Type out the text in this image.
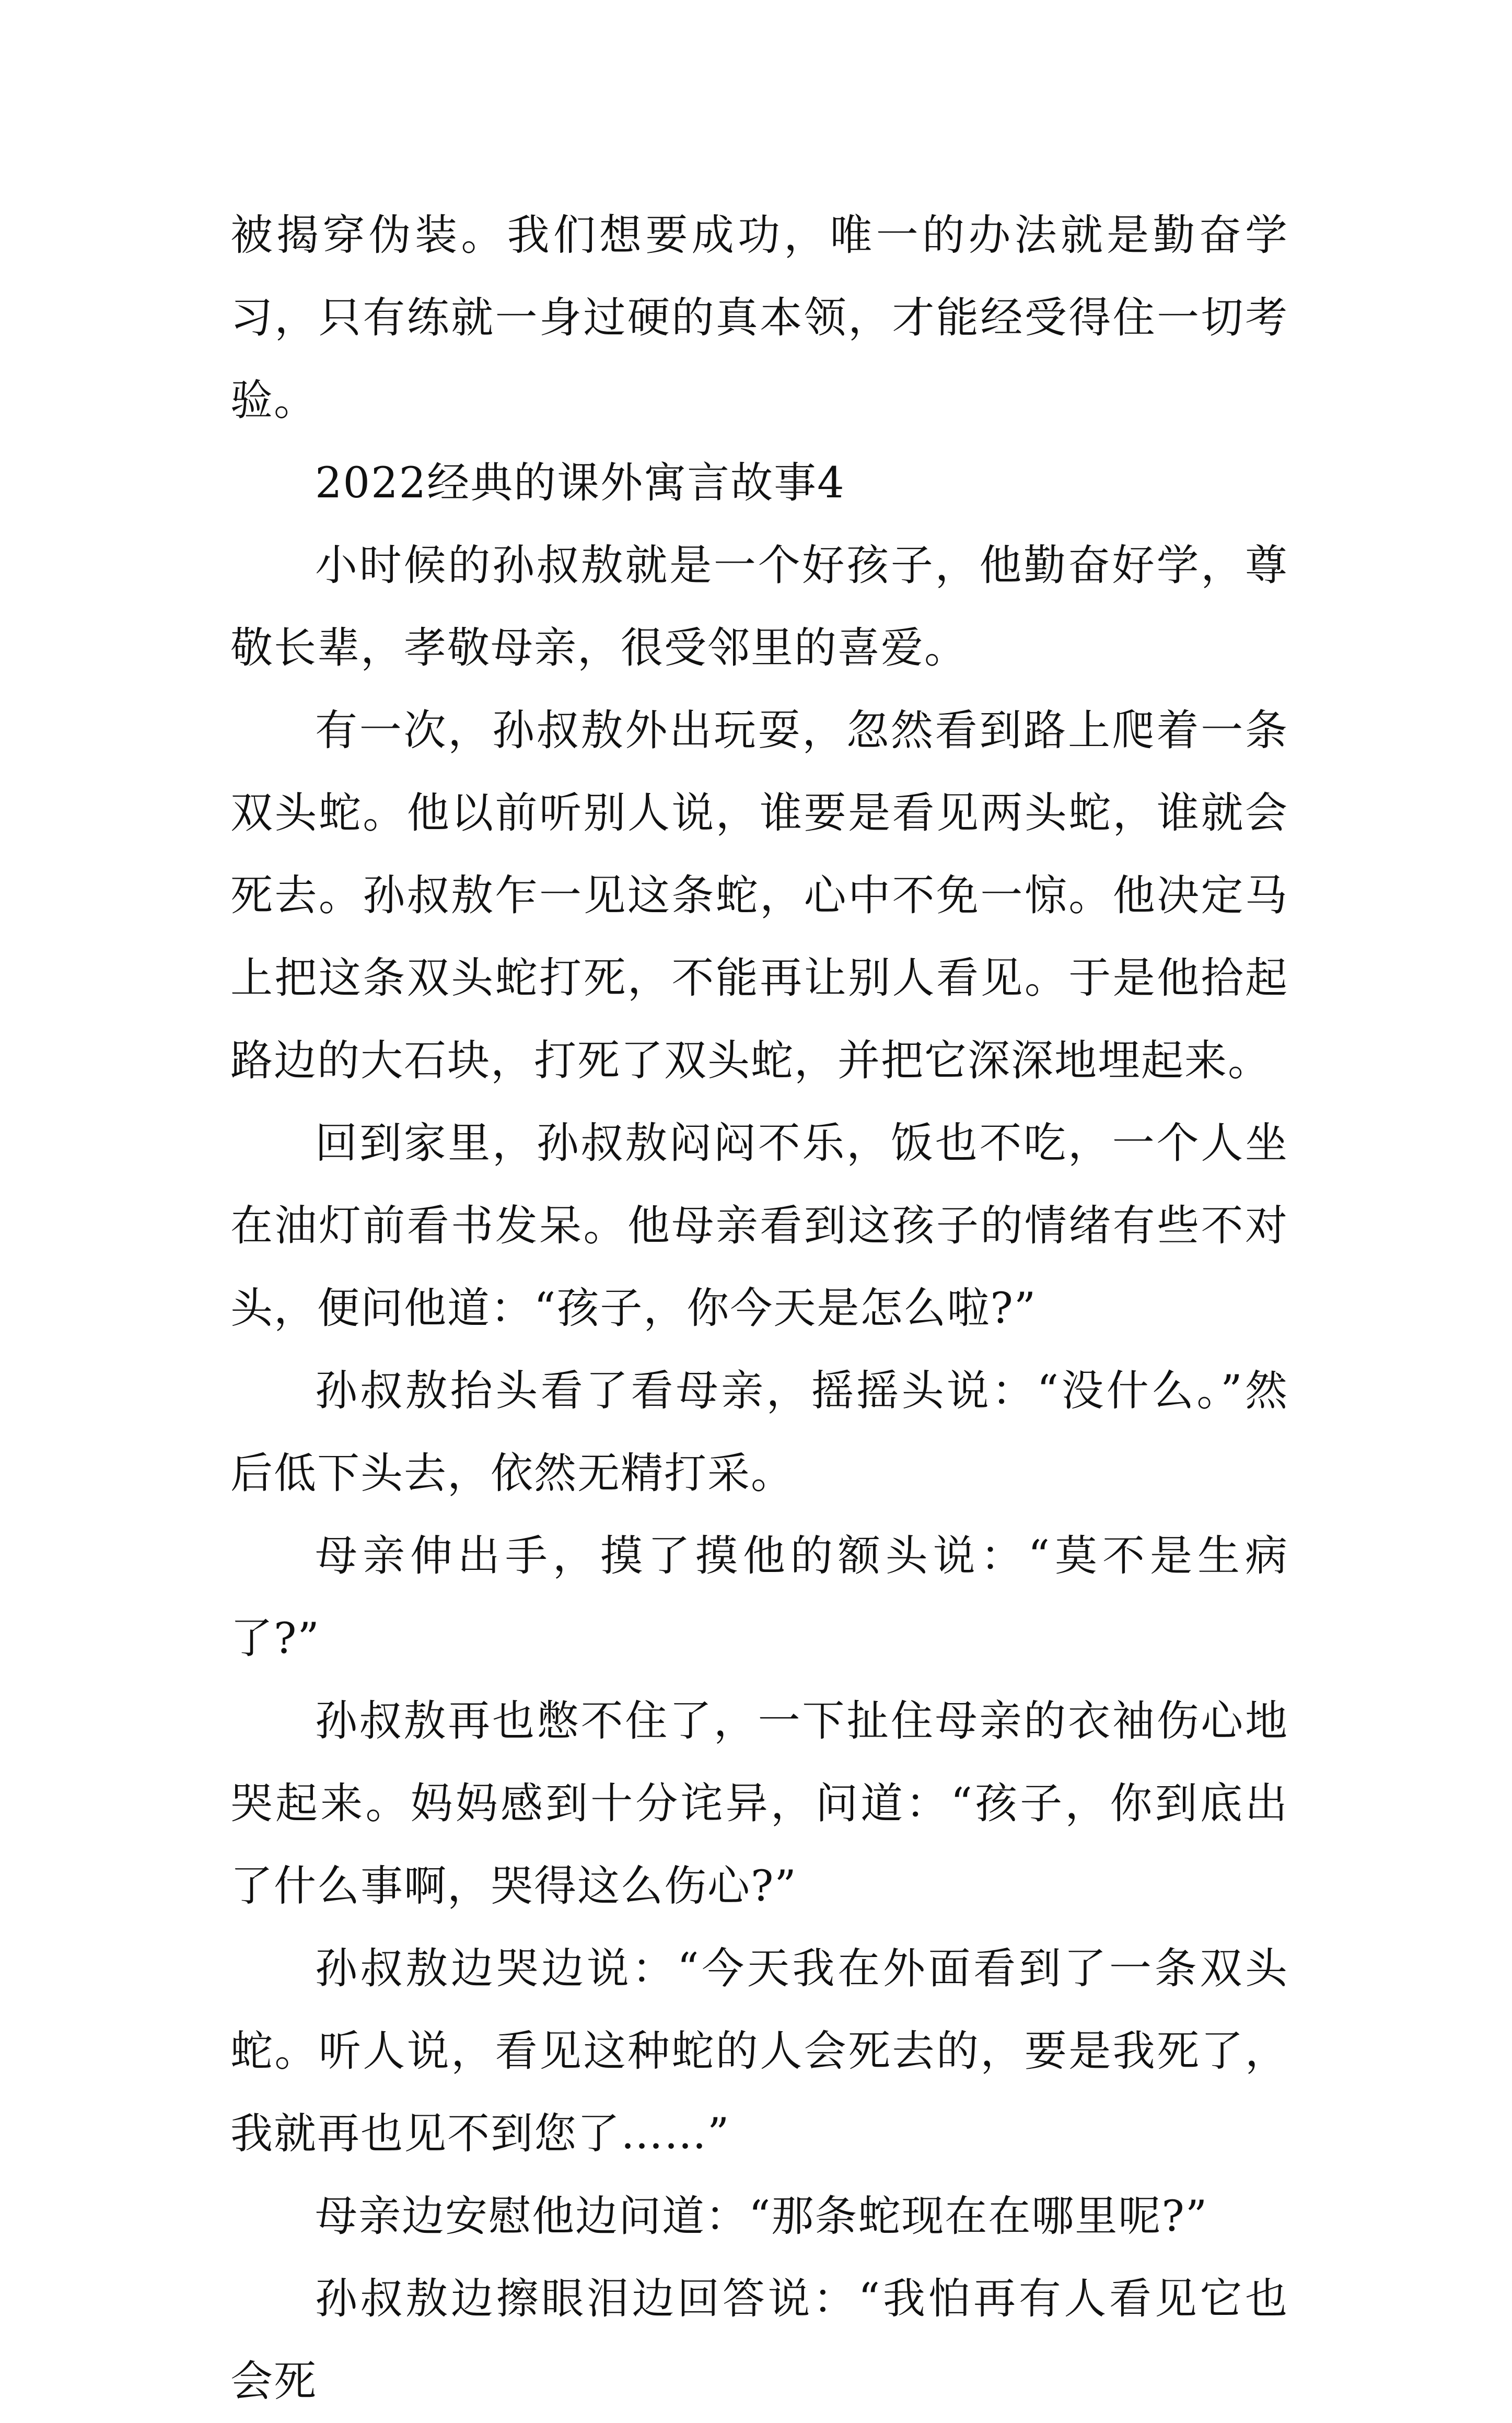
被揭穿伪装。我们想要成功，唯一的办法就是勤奋学习，只有练就一身过硬的真本领，才能经受得住一切考验。

2022经典的课外寓言故事4

小时候的孙叔敖就是一个好孩子，他勤奋好学，尊敬长辈，孝敬母亲，很受邻里的喜爱。

有一次，孙叔敖外出玩耍，忽然看到路上爬着一条双头蛇。他以前听别人说，谁要是看见两头蛇，谁就会死去。孙叔敖乍一见这条蛇，心中不免一惊。他决定马上把这条双头蛇打死，不能再让别人看见。于是他拾起路边的大石块，打死了双头蛇，并把它深深地埋起来。

回到家里，孙叔敖闷闷不乐，饭也不吃，一个人坐在油灯前看书发呆。他母亲看到这孩子的情绪有些不对头，便问他道：“孩子，你今天是怎么啦?”

孙叔敖抬头看了看母亲，摇摇头说：“没什么。”然后低下头去，依然无精打采。

母亲伸出手，摸了摸他的额头说：“莫不是生病了?”

孙叔敖再也憋不住了，一下扯住母亲的衣袖伤心地哭起来。妈妈感到十分诧异，问道：“孩子，你到底出了什么事啊，哭得这么伤心?”

孙叔敖边哭边说：“今天我在外面看到了一条双头蛇。听人说，看见这种蛇的人会死去的，要是我死了，我就再也见不到您了……”

母亲边安慰他边问道：“那条蛇现在在哪里呢?”

孙叔敖边擦眼泪边回答说：“我怕再有人看见它也会死
